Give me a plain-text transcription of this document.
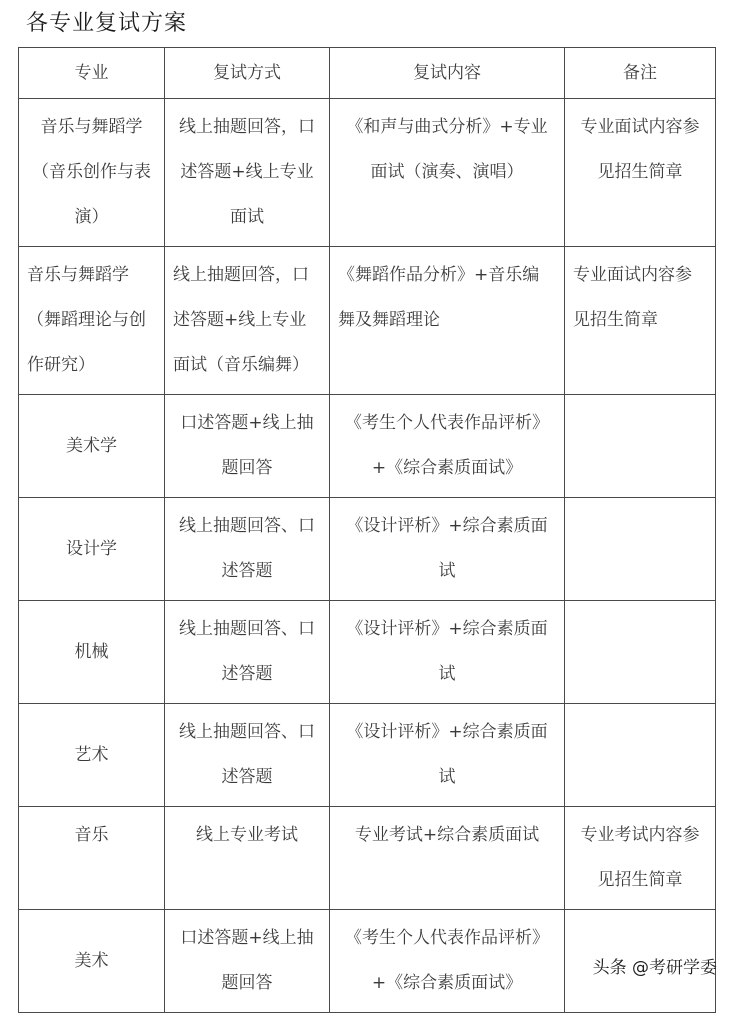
各专业复试方案
专业	复试方式	复试内容	备注
音乐与舞蹈学（音乐创作与表演）	线上抽题回答，口述答题+线上专业面试	《和声与曲式分析》+专业面试（演奏、演唱）	专业面试内容参见招生简章
音乐与舞蹈学（舞蹈理论与创作研究）	线上抽题回答，口述答题+线上专业面试（音乐编舞）	《舞蹈作品分析》+音乐编舞及舞蹈理论	专业面试内容参见招生简章
美术学	口述答题+线上抽题回答	《考生个人代表作品评析》+《综合素质面试》	
设计学	线上抽题回答、口述答题	《设计评析》+综合素质面试	
机械	线上抽题回答、口述答题	《设计评析》+综合素质面试	
艺术	线上抽题回答、口述答题	《设计评析》+综合素质面试	
音乐	线上专业考试	专业考试+综合素质面试	专业考试内容参见招生简章
美术	口述答题+线上抽题回答	《考生个人代表作品评析》+《综合素质面试》	
头条 @考研学委
